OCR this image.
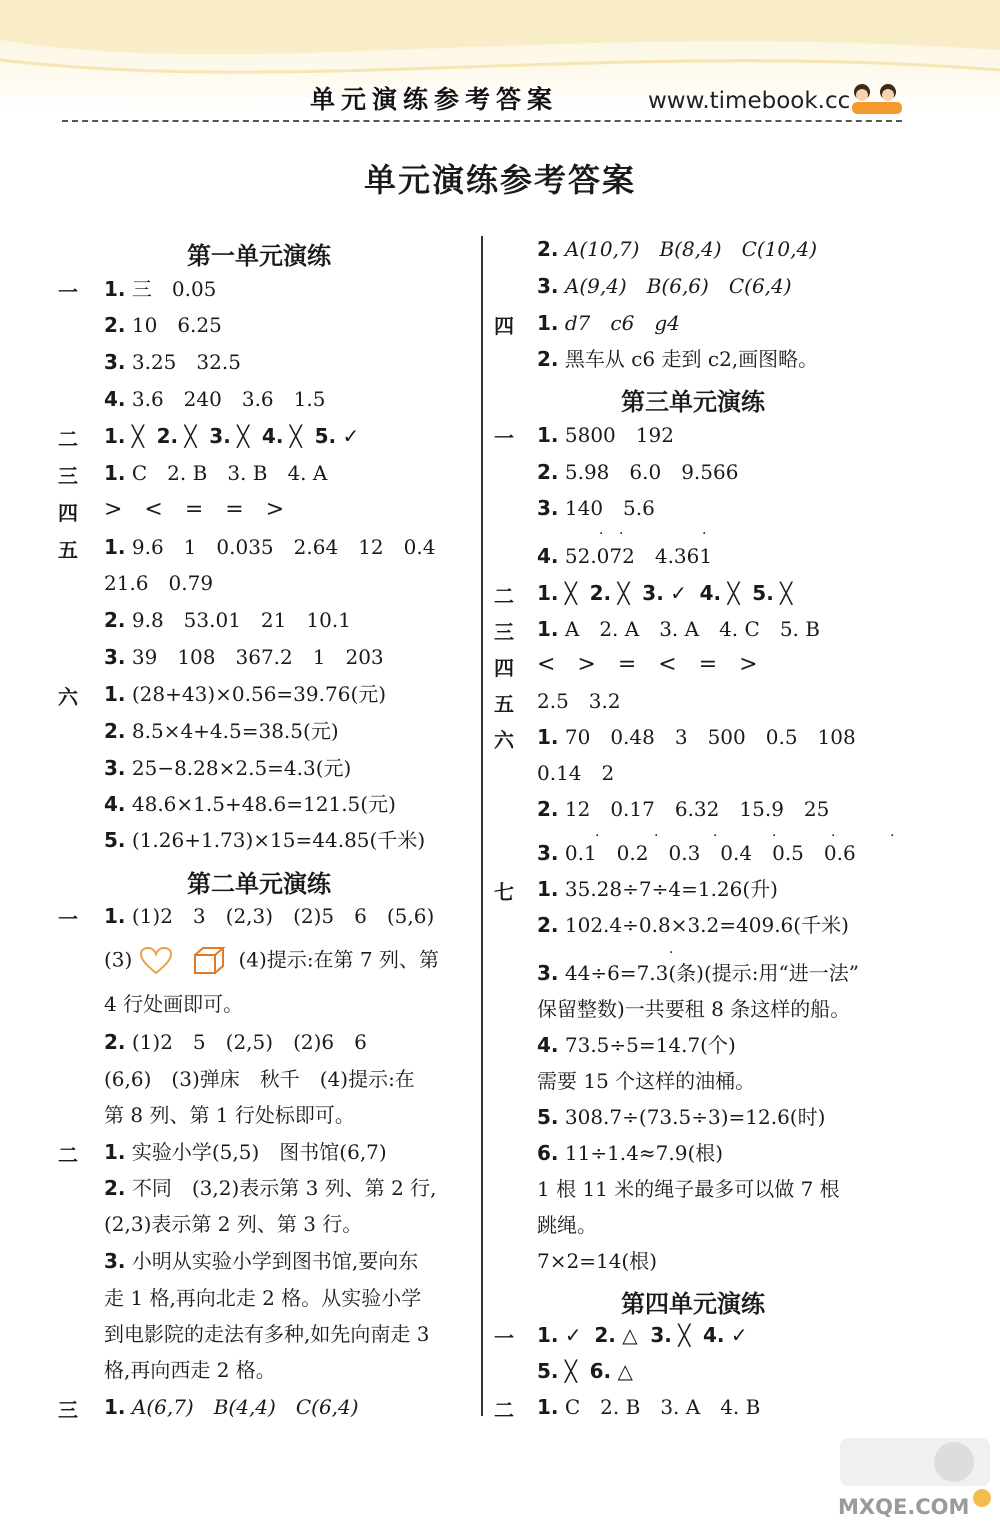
单元演练参考答案	www.timebook.cc
单元演练参考答案
第一单元演练
一 1. 三　0.05
2. 10　6.25
3. 3.25　32.5
4. 3.6　240　3.6　1.5
二 1. ╳ 2. ╳ 3. ╳ 4. ╳ 5. ✓
三 1. C　2. B　3. B　4. A
四 >　<　=　=　>
五 1. 9.6　1　0.035　2.64　12　0.4
21.6　0.79
2. 9.8　53.01　21　10.1
3. 39　108　367.2　1　203
六 1. (28+43)×0.56=39.76(元)
2. 8.5×4+4.5=38.5(元)
3. 25−8.28×2.5=4.3(元)
4. 48.6×1.5+48.6=121.5(元)
5. (1.26+1.73)×15=44.85(千米)
第二单元演练
一 1. (1)2　3　(2,3)　(2)5　6　(5,6)
(3)	(4)提示:在第 7 列、第
4 行处画即可。
2. (1)2　5　(2,5)　(2)6　6
(6,6)　(3)弹床　秋千　(4)提示:在
第 8 列、第 1 行处标即可。
二 1. 实验小学(5,5)　图书馆(6,7)
2. 不同　(3,2)表示第 3 列、第 2 行,
(2,3)表示第 2 列、第 3 行。
3. 小明从实验小学到图书馆,要向东
走 1 格,再向北走 2 格。从实验小学
到电影院的走法有多种,如先向南走 3
格,再向西走 2 格。
三 1. A(6,7)　B(4,4)　C(6,4)
2. A(10,7)　B(8,4)　C(10,4)
3. A(9,4)　B(6,6)　C(6,4)
四 1. d7　c6　g4
2. 黑车从 c6 走到 c2,画图略。
第三单元演练
一 1. 5800　192
2. 5.98　6.0　9.566
3. 140　5.6
4. 52.072　4.361
· ·	·
二 1. ╳ 2. ╳ 3. ✓ 4. ╳ 5. ╳
三 1. A　2. A　3. A　4. C　5. B
四 <　>　=　<　=　>
五 2.5　3.2
六 1. 70　0.48　3　500　0.5　108
0.14　2
2. 12　0.17　6.32　15.9　25
3. 0.1　0.2　0.3　0.4　0.5　0.6
·	·	·	·	·	·
七 1. 35.28÷7÷4=1.26(升)
2. 102.4÷0.8×3.2=409.6(千米)
3. 44÷6=7.3(条)(提示:用“进一法”
·
保留整数)一共要租 8 条这样的船。
4. 73.5÷5=14.7(个)
需要 15 个这样的油桶。
5. 308.7÷(73.5÷3)=12.6(时)
6. 11÷1.4≈7.9(根)
1 根 11 米的绳子最多可以做 7 根
跳绳。
7×2=14(根)
第四单元演练
一 1. ✓ 2. △ 3. ╳ 4. ✓
5. ╳ 6. △
二 1. C　2. B　3. A　4. B
MXQE.COM
